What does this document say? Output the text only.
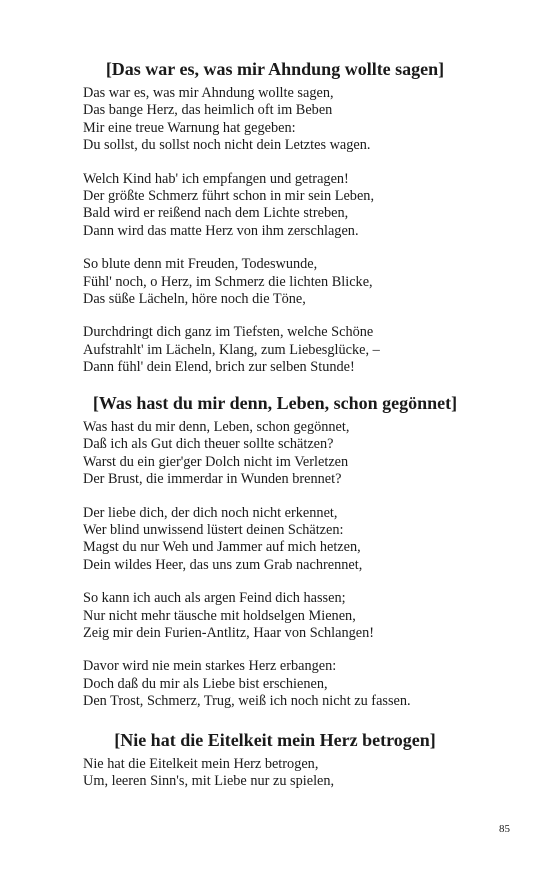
[Das war es, was mir Ahndung wollte sagen]
Das war es, was mir Ahndung wollte sagen,
Das bange Herz, das heimlich oft im Beben
Mir eine treue Warnung hat gegeben:
Du sollst, du sollst noch nicht dein Letztes wagen.
Welch Kind hab' ich empfangen und getragen!
Der größte Schmerz führt schon in mir sein Leben,
Bald wird er reißend nach dem Lichte streben,
Dann wird das matte Herz von ihm zerschlagen.
So blute denn mit Freuden, Todeswunde,
Fühl' noch, o Herz, im Schmerz die lichten Blicke,
Das süße Lächeln, höre noch die Töne,
Durchdringt dich ganz im Tiefsten, welche Schöne
Aufstrahlt' im Lächeln, Klang, zum Liebesglücke, –
Dann fühl' dein Elend, brich zur selben Stunde!
[Was hast du mir denn, Leben, schon gegönnet]
Was hast du mir denn, Leben, schon gegönnet,
Daß ich als Gut dich theuer sollte schätzen?
Warst du ein gier'ger Dolch nicht im Verletzen
Der Brust, die immerdar in Wunden brennet?
Der liebe dich, der dich noch nicht erkennet,
Wer blind unwissend lüstert deinen Schätzen:
Magst du nur Weh und Jammer auf mich hetzen,
Dein wildes Heer, das uns zum Grab nachrennet,
So kann ich auch als argen Feind dich hassen;
Nur nicht mehr täusche mit holdselgen Mienen,
Zeig mir dein Furien-Antlitz, Haar von Schlangen!
Davor wird nie mein starkes Herz erbangen:
Doch daß du mir als Liebe bist erschienen,
Den Trost, Schmerz, Trug, weiß ich noch nicht zu fassen.
[Nie hat die Eitelkeit mein Herz betrogen]
Nie hat die Eitelkeit mein Herz betrogen,
Um, leeren Sinn's, mit Liebe nur zu spielen,
85
